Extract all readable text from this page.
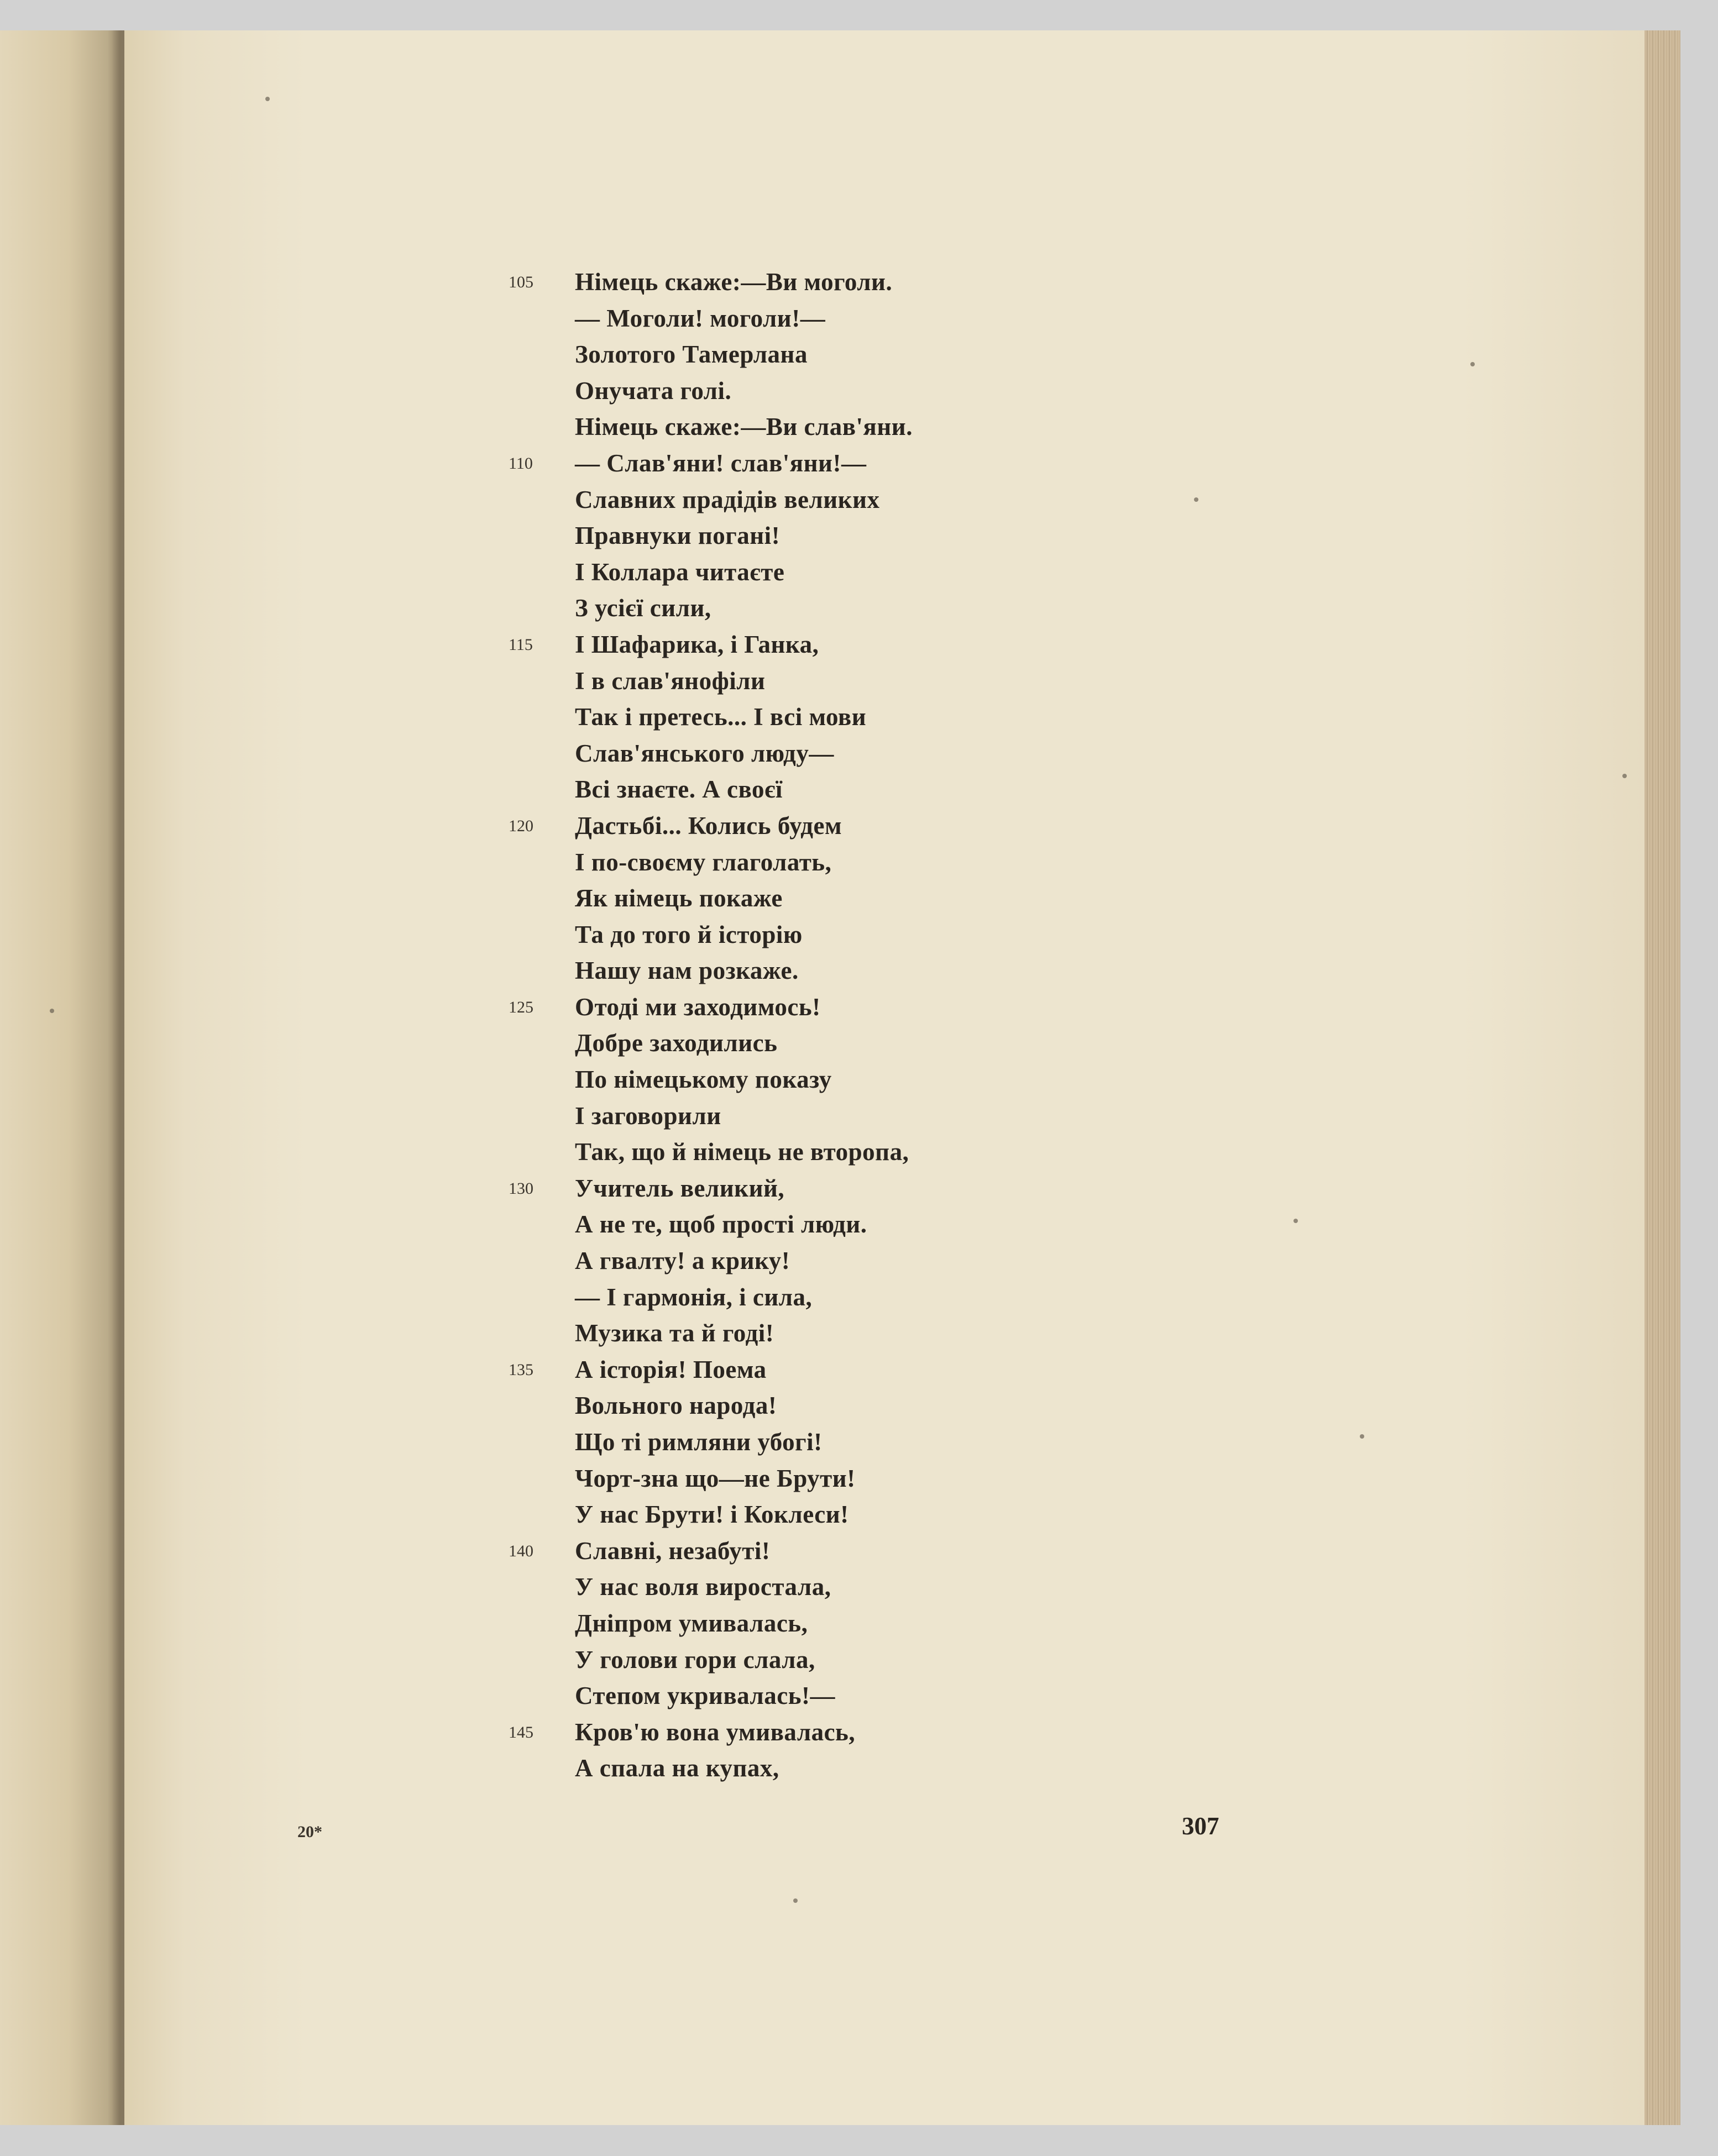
105	Німець скаже:—Ви моголи.
— Моголи! моголи!—
Золотого Тамерлана
Онучата голі.
Німець скаже:—Ви слав'яни.
110	— Слав'яни! слав'яни!—
Славних прадідів великих
Правнуки погані!
І Коллара читаєте
З усієї сили,
115	І Шафарика, і Ганка,
І в слав'янофіли
Так і претесь... І всі мови
Слав'янського люду—
Всі знаєте. А своєї
120	Дастьбі... Колись будем
І по-своєму глаголать,
Як німець покаже
Та до того й історію
Нашу нам розкаже.
125	Отоді ми заходимось!
Добре заходились
По німецькому показу
І заговорили
Так, що й німець не второпа,
130	Учитель великий,
А не те, щоб прості люди.
А гвалту! а крику!
— І гармонія, і сила,
Музика та й годі!
135	А історія! Поема
Вольного народа!
Що ті римляни убогі!
Чорт-зна що—не Брути!
У нас Брути! і Коклеси!
140	Славні, незабуті!
У нас воля виростала,
Дніпром умивалась,
У голови гори слала,
Степом укривалась!—
145	Кров'ю вона умивалась,
А спала на купах,
20*	307
